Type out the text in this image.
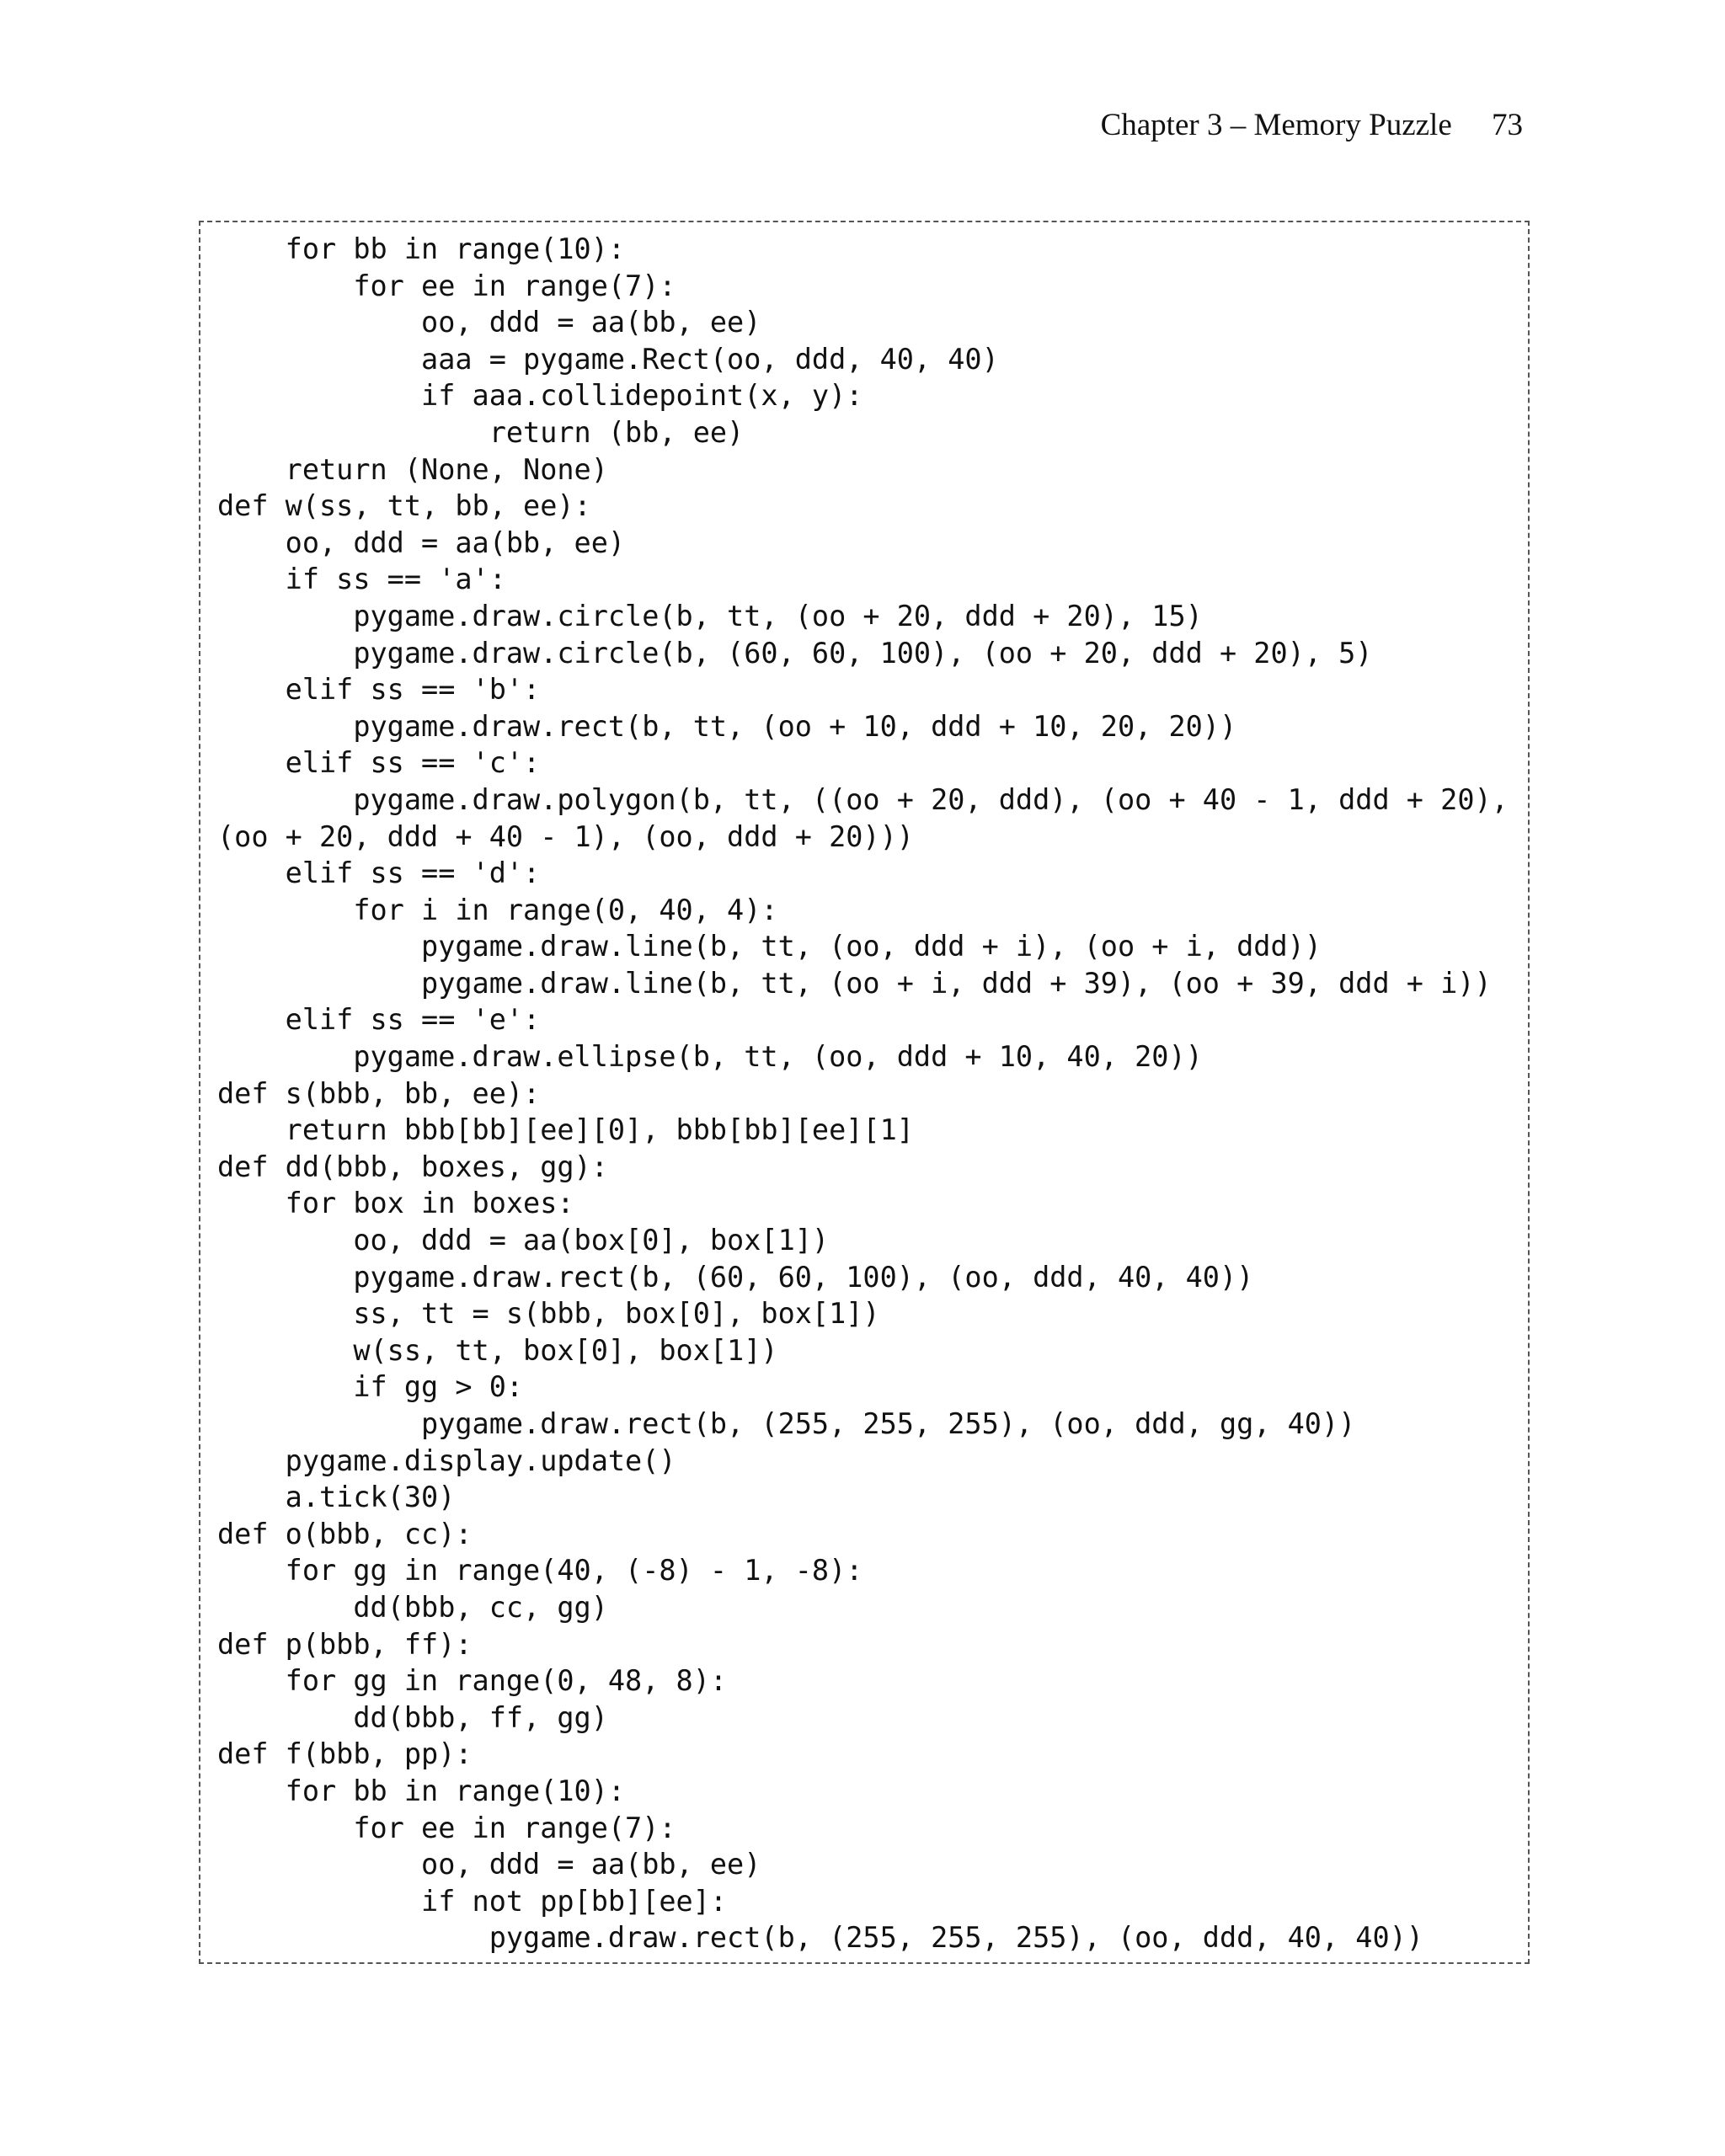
Chapter 3 – Memory Puzzle 73
for bb in range(10):
for ee in range(7):
oo, ddd = aa(bb, ee)
aaa = pygame.Rect(oo, ddd, 40, 40)
if aaa.collidepoint(x, y):
return (bb, ee)
return (None, None)
def w(ss, tt, bb, ee):
oo, ddd = aa(bb, ee)
if ss == 'a':
pygame.draw.circle(b, tt, (oo + 20, ddd + 20), 15)
pygame.draw.circle(b, (60, 60, 100), (oo + 20, ddd + 20), 5)
elif ss == 'b':
pygame.draw.rect(b, tt, (oo + 10, ddd + 10, 20, 20))
elif ss == 'c':
pygame.draw.polygon(b, tt, ((oo + 20, ddd), (oo + 40 - 1, ddd + 20),
(oo + 20, ddd + 40 - 1), (oo, ddd + 20)))
elif ss == 'd':
for i in range(0, 40, 4):
pygame.draw.line(b, tt, (oo, ddd + i), (oo + i, ddd))
pygame.draw.line(b, tt, (oo + i, ddd + 39), (oo + 39, ddd + i))
elif ss == 'e':
pygame.draw.ellipse(b, tt, (oo, ddd + 10, 40, 20))
def s(bbb, bb, ee):
return bbb[bb][ee][0], bbb[bb][ee][1]
def dd(bbb, boxes, gg):
for box in boxes:
oo, ddd = aa(box[0], box[1])
pygame.draw.rect(b, (60, 60, 100), (oo, ddd, 40, 40))
ss, tt = s(bbb, box[0], box[1])
w(ss, tt, box[0], box[1])
if gg > 0:
pygame.draw.rect(b, (255, 255, 255), (oo, ddd, gg, 40))
pygame.display.update()
a.tick(30)
def o(bbb, cc):
for gg in range(40, (-8) - 1, -8):
dd(bbb, cc, gg)
def p(bbb, ff):
for gg in range(0, 48, 8):
dd(bbb, ff, gg)
def f(bbb, pp):
for bb in range(10):
for ee in range(7):
oo, ddd = aa(bb, ee)
if not pp[bb][ee]:
pygame.draw.rect(b, (255, 255, 255), (oo, ddd, 40, 40))
